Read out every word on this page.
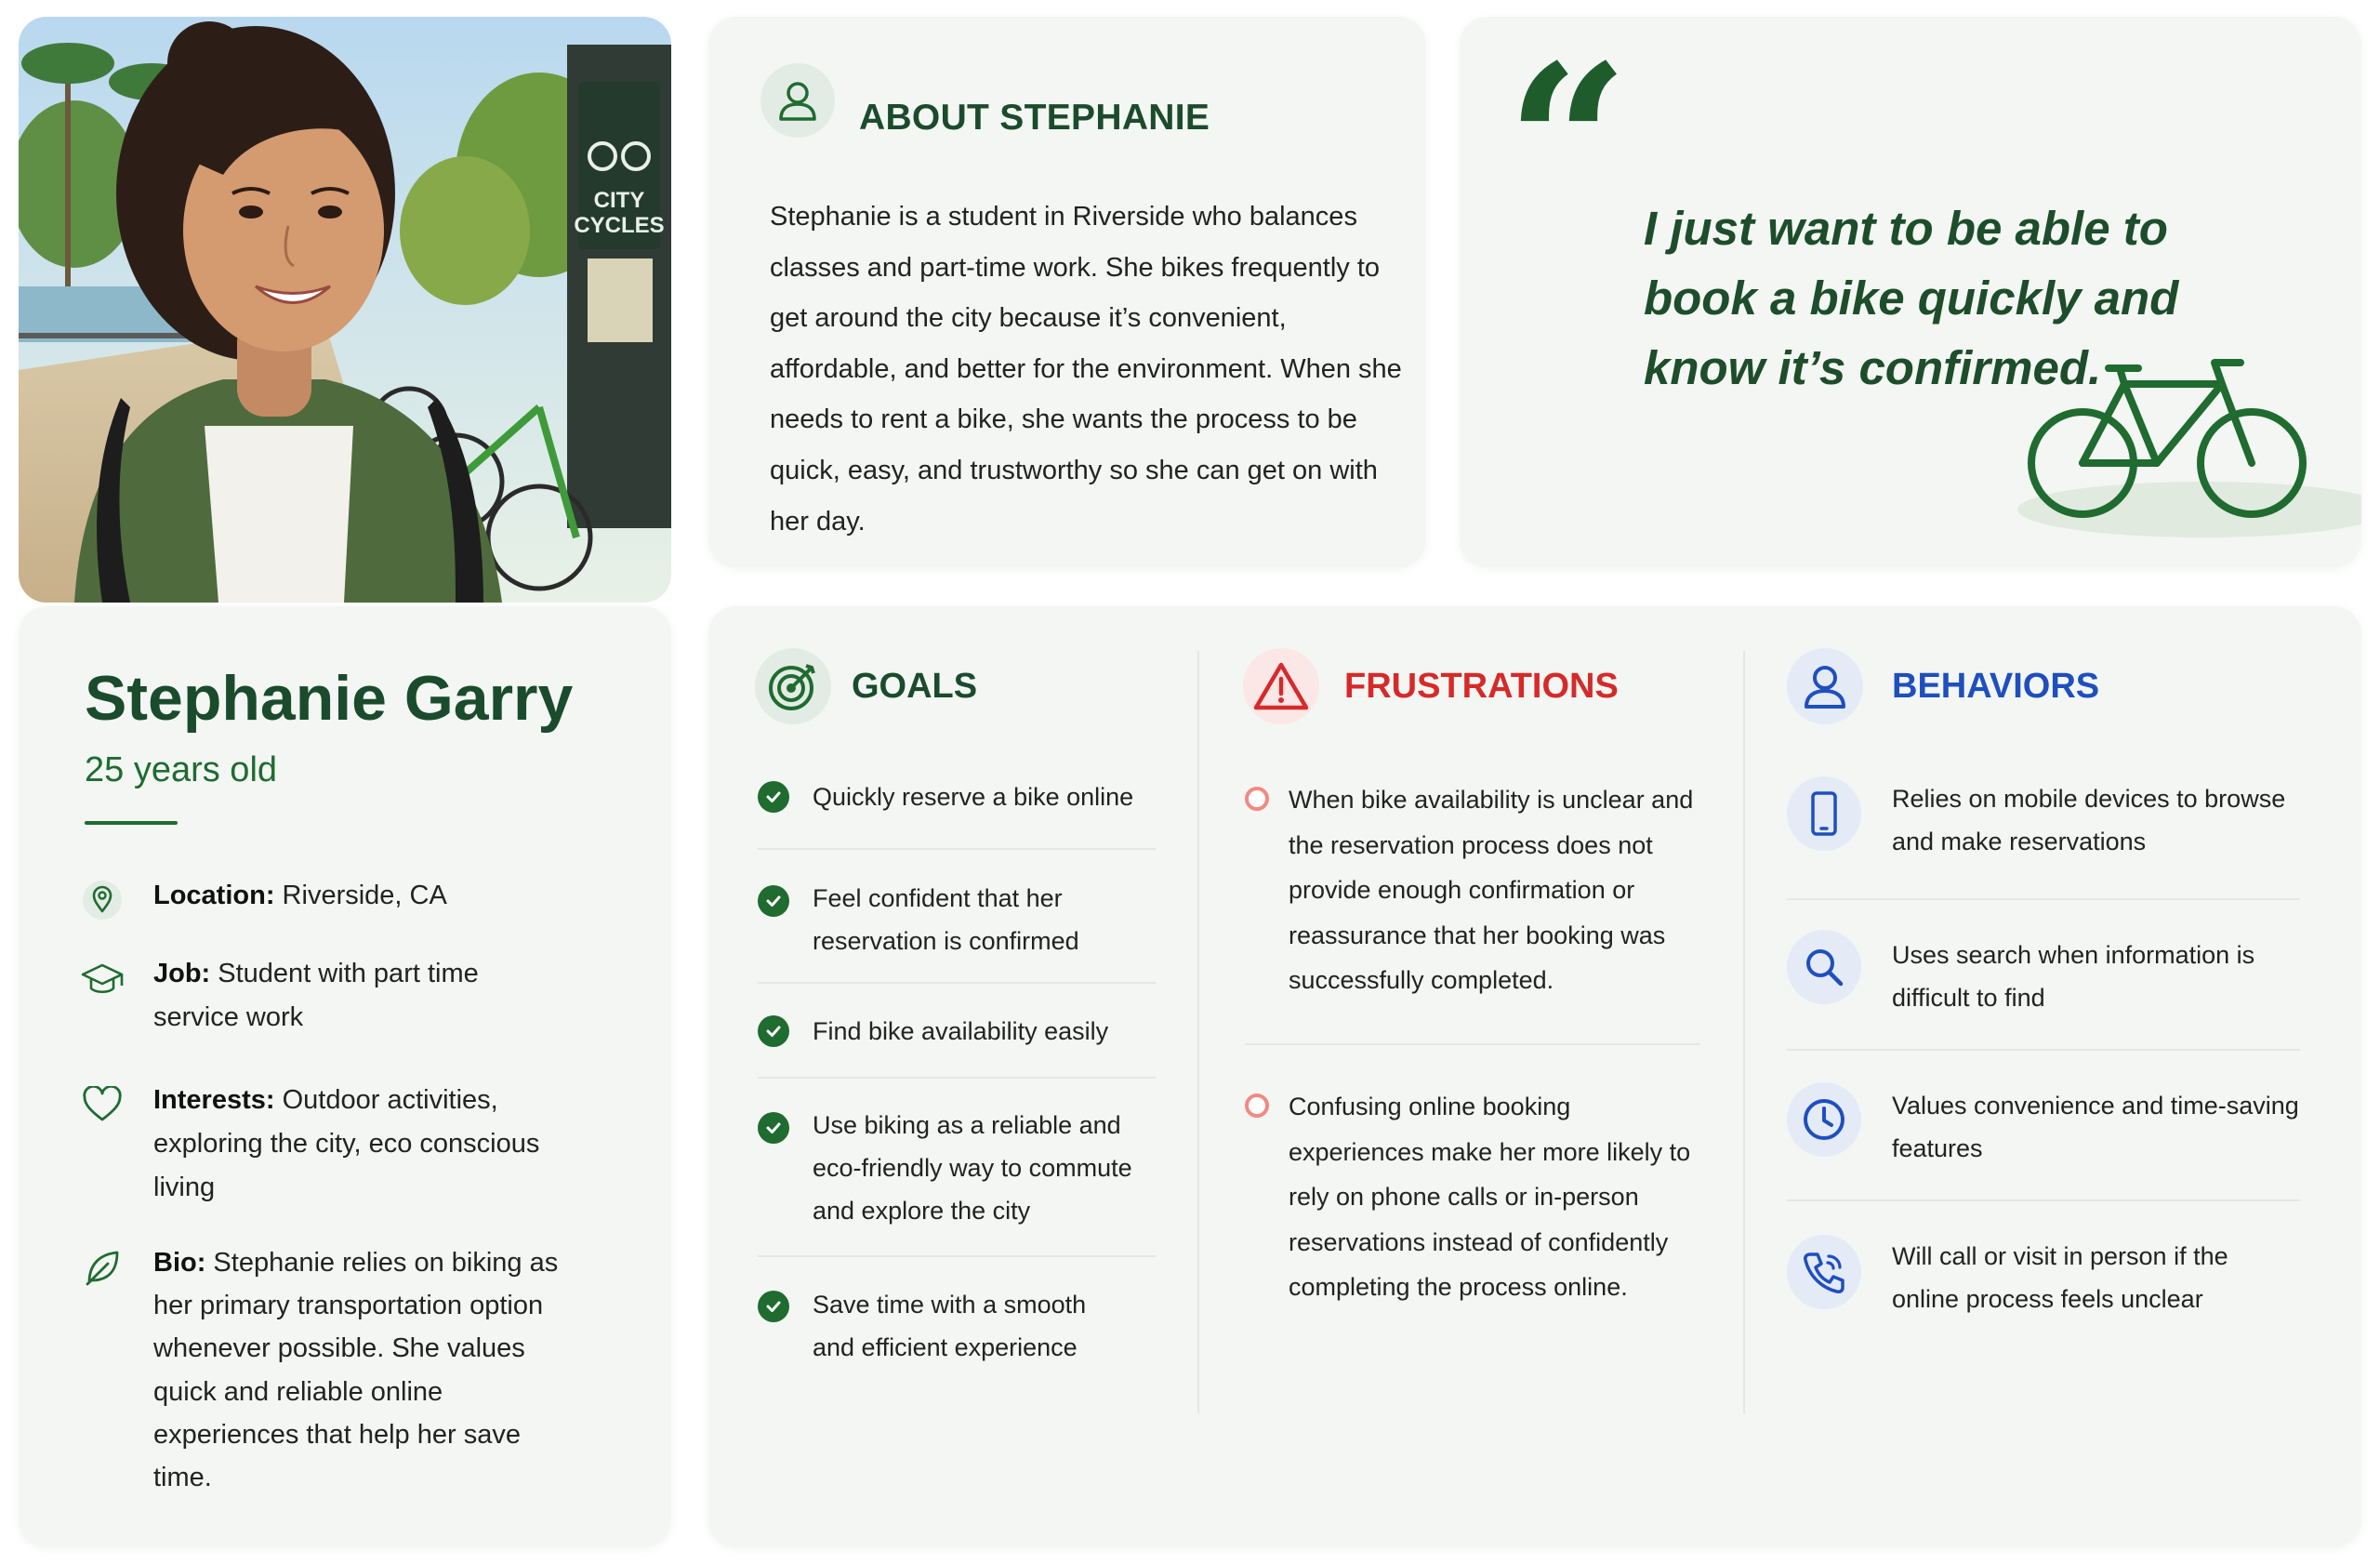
CITY
CYCLES
ABOUT STEPHANIE
Stephanie is a student in Riverside who balances classes and part-time work. She bikes frequently to get around the city because it’s convenient, affordable, and better for the environment. When she needs to rent a bike, she wants the process to be quick, easy, and trustworthy so she can get on with her day.
“ I just want to be able to book a bike quickly and know it’s confirmed.
Stephanie Garry
25 years old
Location: Riverside, CA
Job: Student with part time service work
Interests: Outdoor activities, exploring the city, eco conscious living
Bio: Stephanie relies on biking as her primary transportation option whenever possible. She values quick and reliable online experiences that help her save time.
GOALS
Quickly reserve a bike online
Feel confident that her reservation is confirmed
Find bike availability easily
Use biking as a reliable and eco-friendly way to commute and explore the city
Save time with a smooth and efficient experience
FRUSTRATIONS
When bike availability is unclear and the reservation process does not provide enough confirmation or reassurance that her booking was successfully completed.
Confusing online booking experiences make her more likely to rely on phone calls or in-person reservations instead of confidently completing the process online.
BEHAVIORS
Relies on mobile devices to browse and make reservations
Uses search when information is difficult to find
Values convenience and time-saving features
Will call or visit in person if the online process feels unclear
